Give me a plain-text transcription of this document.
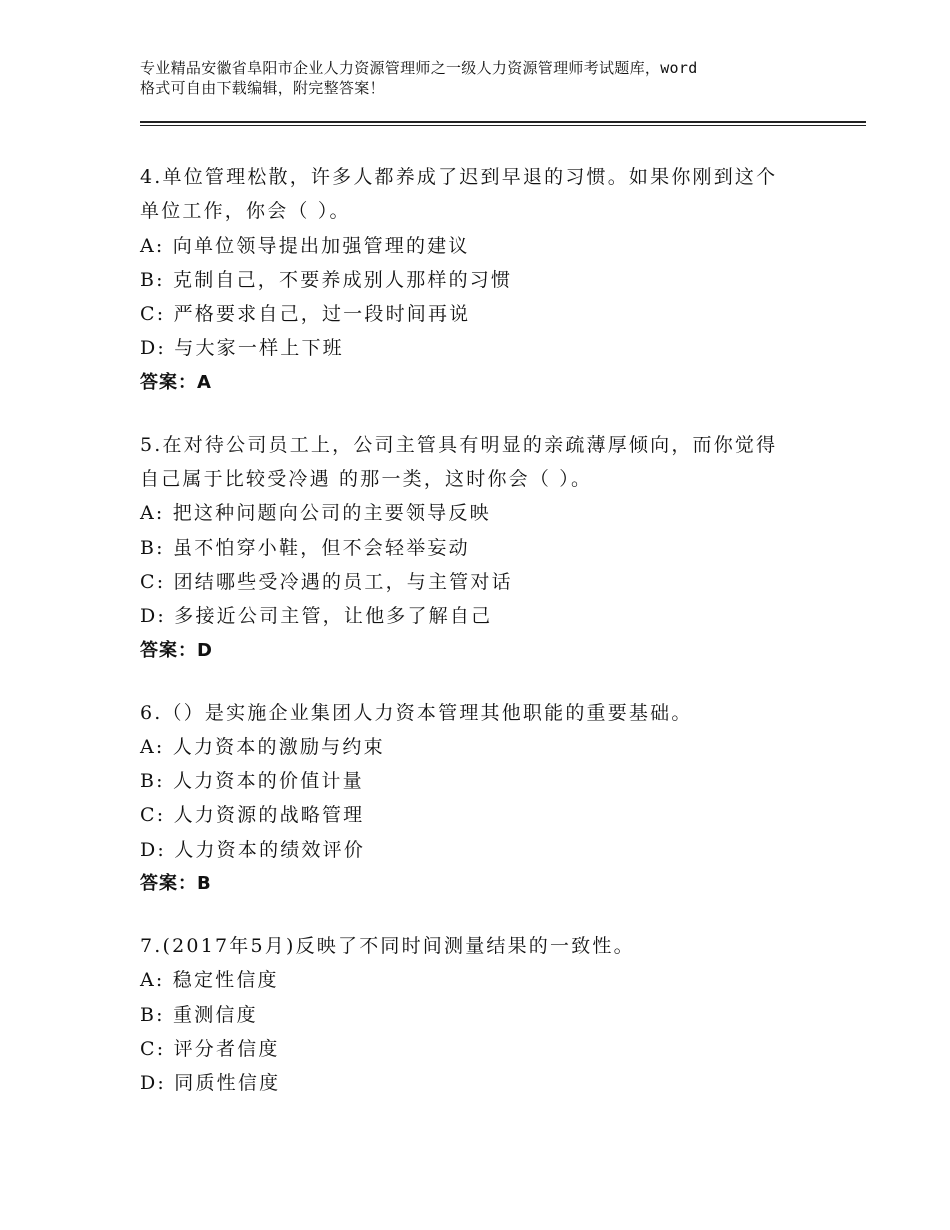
专业精品安徽省阜阳市企业人力资源管理师之一级人力资源管理师考试题库，word
格式可自由下载编辑，附完整答案！
4.单位管理松散，许多人都养成了迟到早退的习惯。如果你刚到这个
单位工作，你会（ ）。
A: 向单位领导提出加强管理的建议
B: 克制自己，不要养成别人那样的习惯
C: 严格要求自己，过一段时间再说
D: 与大家一样上下班
答案：A
5.在对待公司员工上，公司主管具有明显的亲疏薄厚倾向，而你觉得
自己属于比较受冷遇 的那一类，这时你会（ ）。
A: 把这种问题向公司的主要领导反映
B: 虽不怕穿小鞋，但不会轻举妄动
C: 团结哪些受冷遇的员工，与主管对话
D: 多接近公司主管，让他多了解自己
答案：D
6.（）是实施企业集团人力资本管理其他职能的重要基础。
A: 人力资本的激励与约束
B: 人力资本的价值计量
C: 人力资源的战略管理
D: 人力资本的绩效评价
答案：B
7.(2017年5月)反映了不同时间测量结果的一致性。
A: 稳定性信度
B: 重测信度
C: 评分者信度
D: 同质性信度
